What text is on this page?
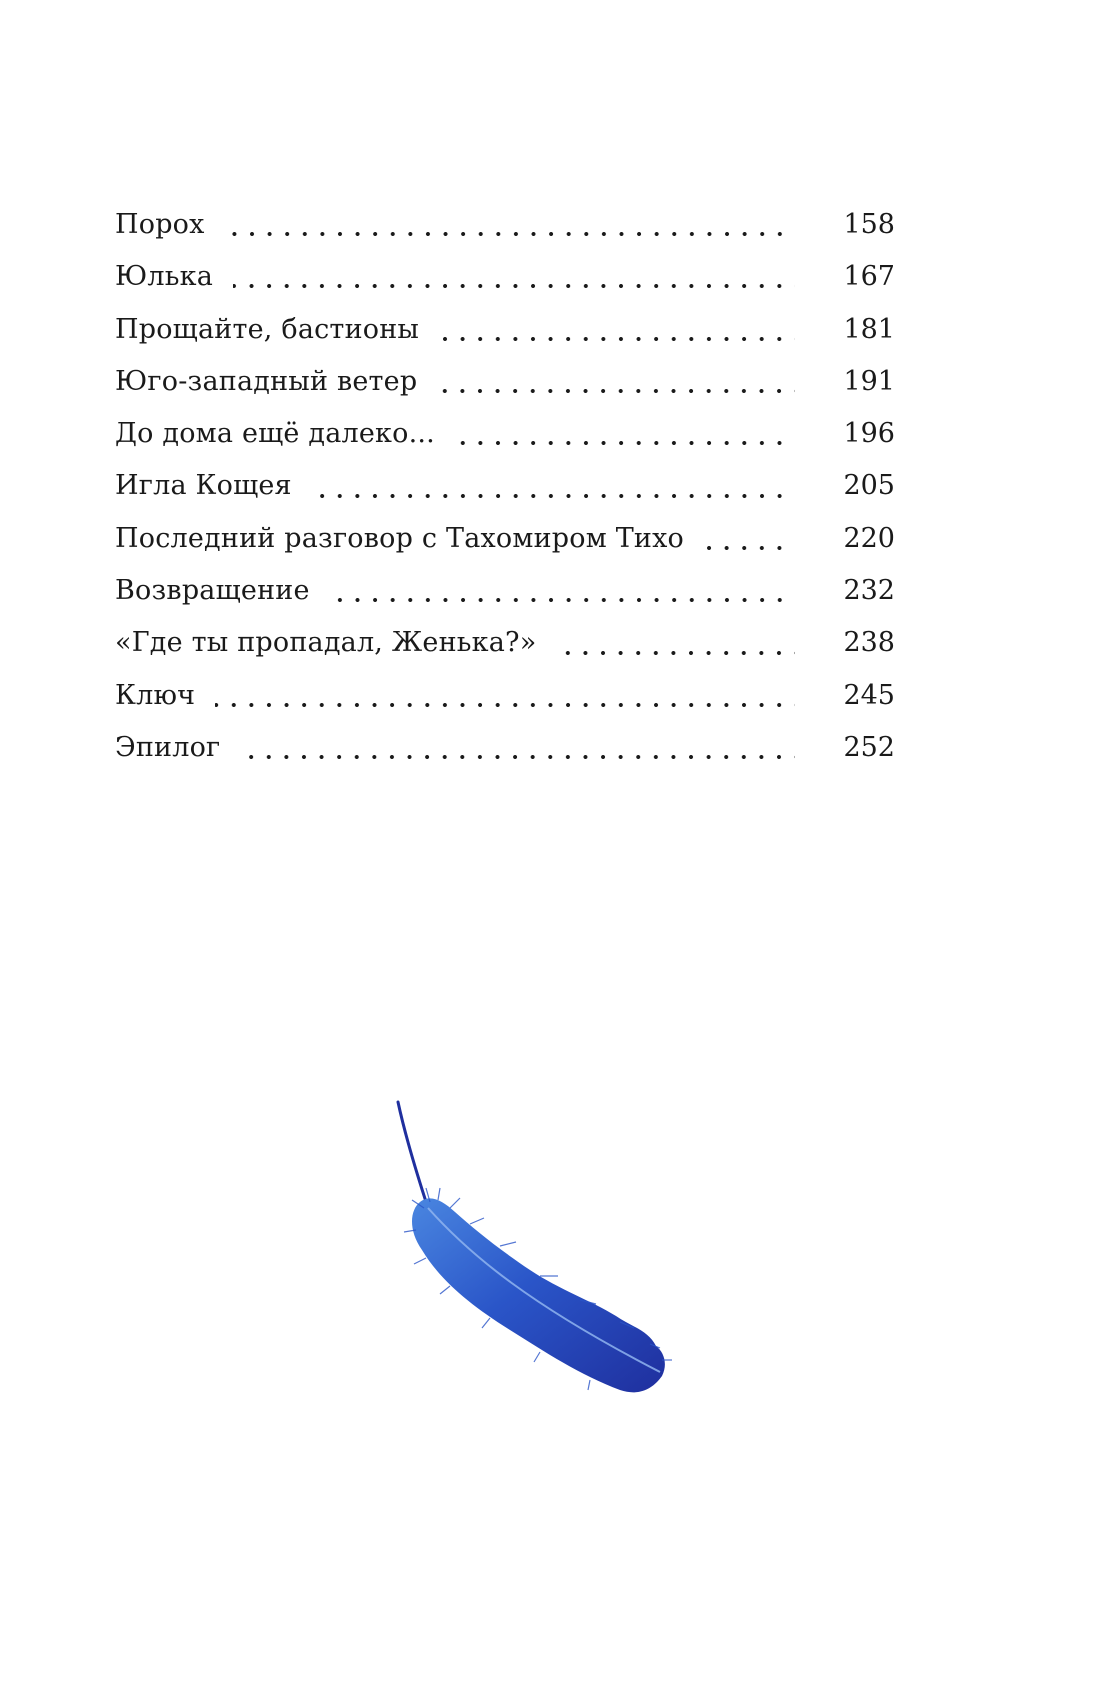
Порох	158
Юлька	167
Прощайте, бастионы	181
Юго-западный ветер	191
До дома ещё далеко...	196
Игла Кощея	205
Последний разговор с Тахомиром Тихо	220
Возвращение	232
«Где ты пропадал, Женька?»	238
Ключ	245
Эпилог	252
